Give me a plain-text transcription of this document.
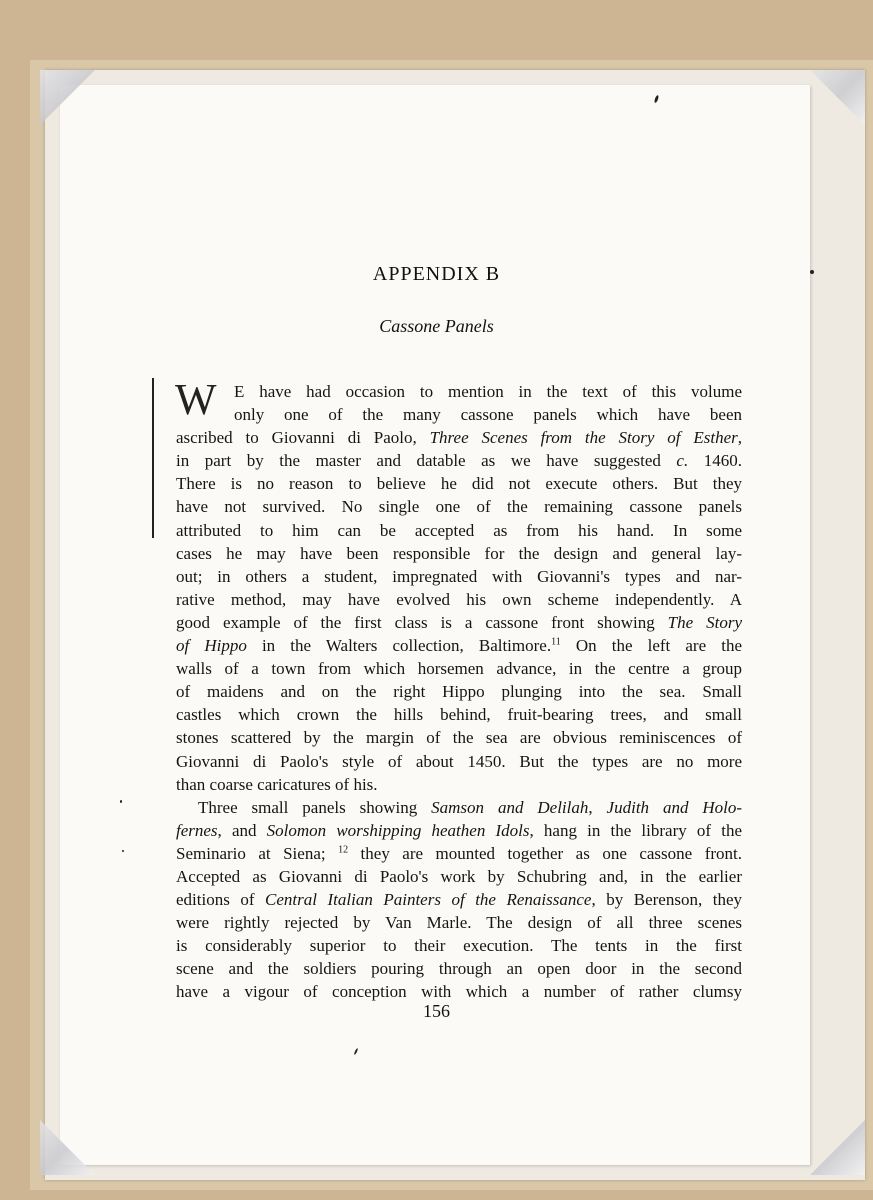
APPENDIX B
Cassone Panels
W	E have had occasion to mention in the text of this volume
only one of the many cassone panels which have been
ascribed to Giovanni di Paolo, Three Scenes from the Story of Esther,
in part by the master and datable as we have suggested c. 1460.
There is no reason to believe he did not execute others. But they
have not survived. No single one of the remaining cassone panels
attributed to him can be accepted as from his hand. In some
cases he may have been responsible for the design and general lay-
out; in others a student, impregnated with Giovanni's types and nar-
rative method, may have evolved his own scheme independently. A
good example of the first class is a cassone front showing The Story
of Hippo in the Walters collection, Baltimore.$^{11}$ On the left are the
walls of a town from which horsemen advance, in the centre a group
of maidens and on the right Hippo plunging into the sea. Small
castles which crown the hills behind, fruit-bearing trees, and small
stones scattered by the margin of the sea are obvious reminiscences of
Giovanni di Paolo's style of about 1450. But the types are no more
than coarse caricatures of his.
Three small panels showing Samson and Delilah, Judith and Holo-
fernes, and Solomon worshipping heathen Idols, hang in the library of the
Seminario at Siena; $^{12}$ they are mounted together as one cassone front.
Accepted as Giovanni di Paolo's work by Schubring and, in the earlier
editions of Central Italian Painters of the Renaissance, by Berenson, they
were rightly rejected by Van Marle. The design of all three scenes
is considerably superior to their execution. The tents in the first
scene and the soldiers pouring through an open door in the second
have a vigour of conception with which a number of rather clumsy
156
